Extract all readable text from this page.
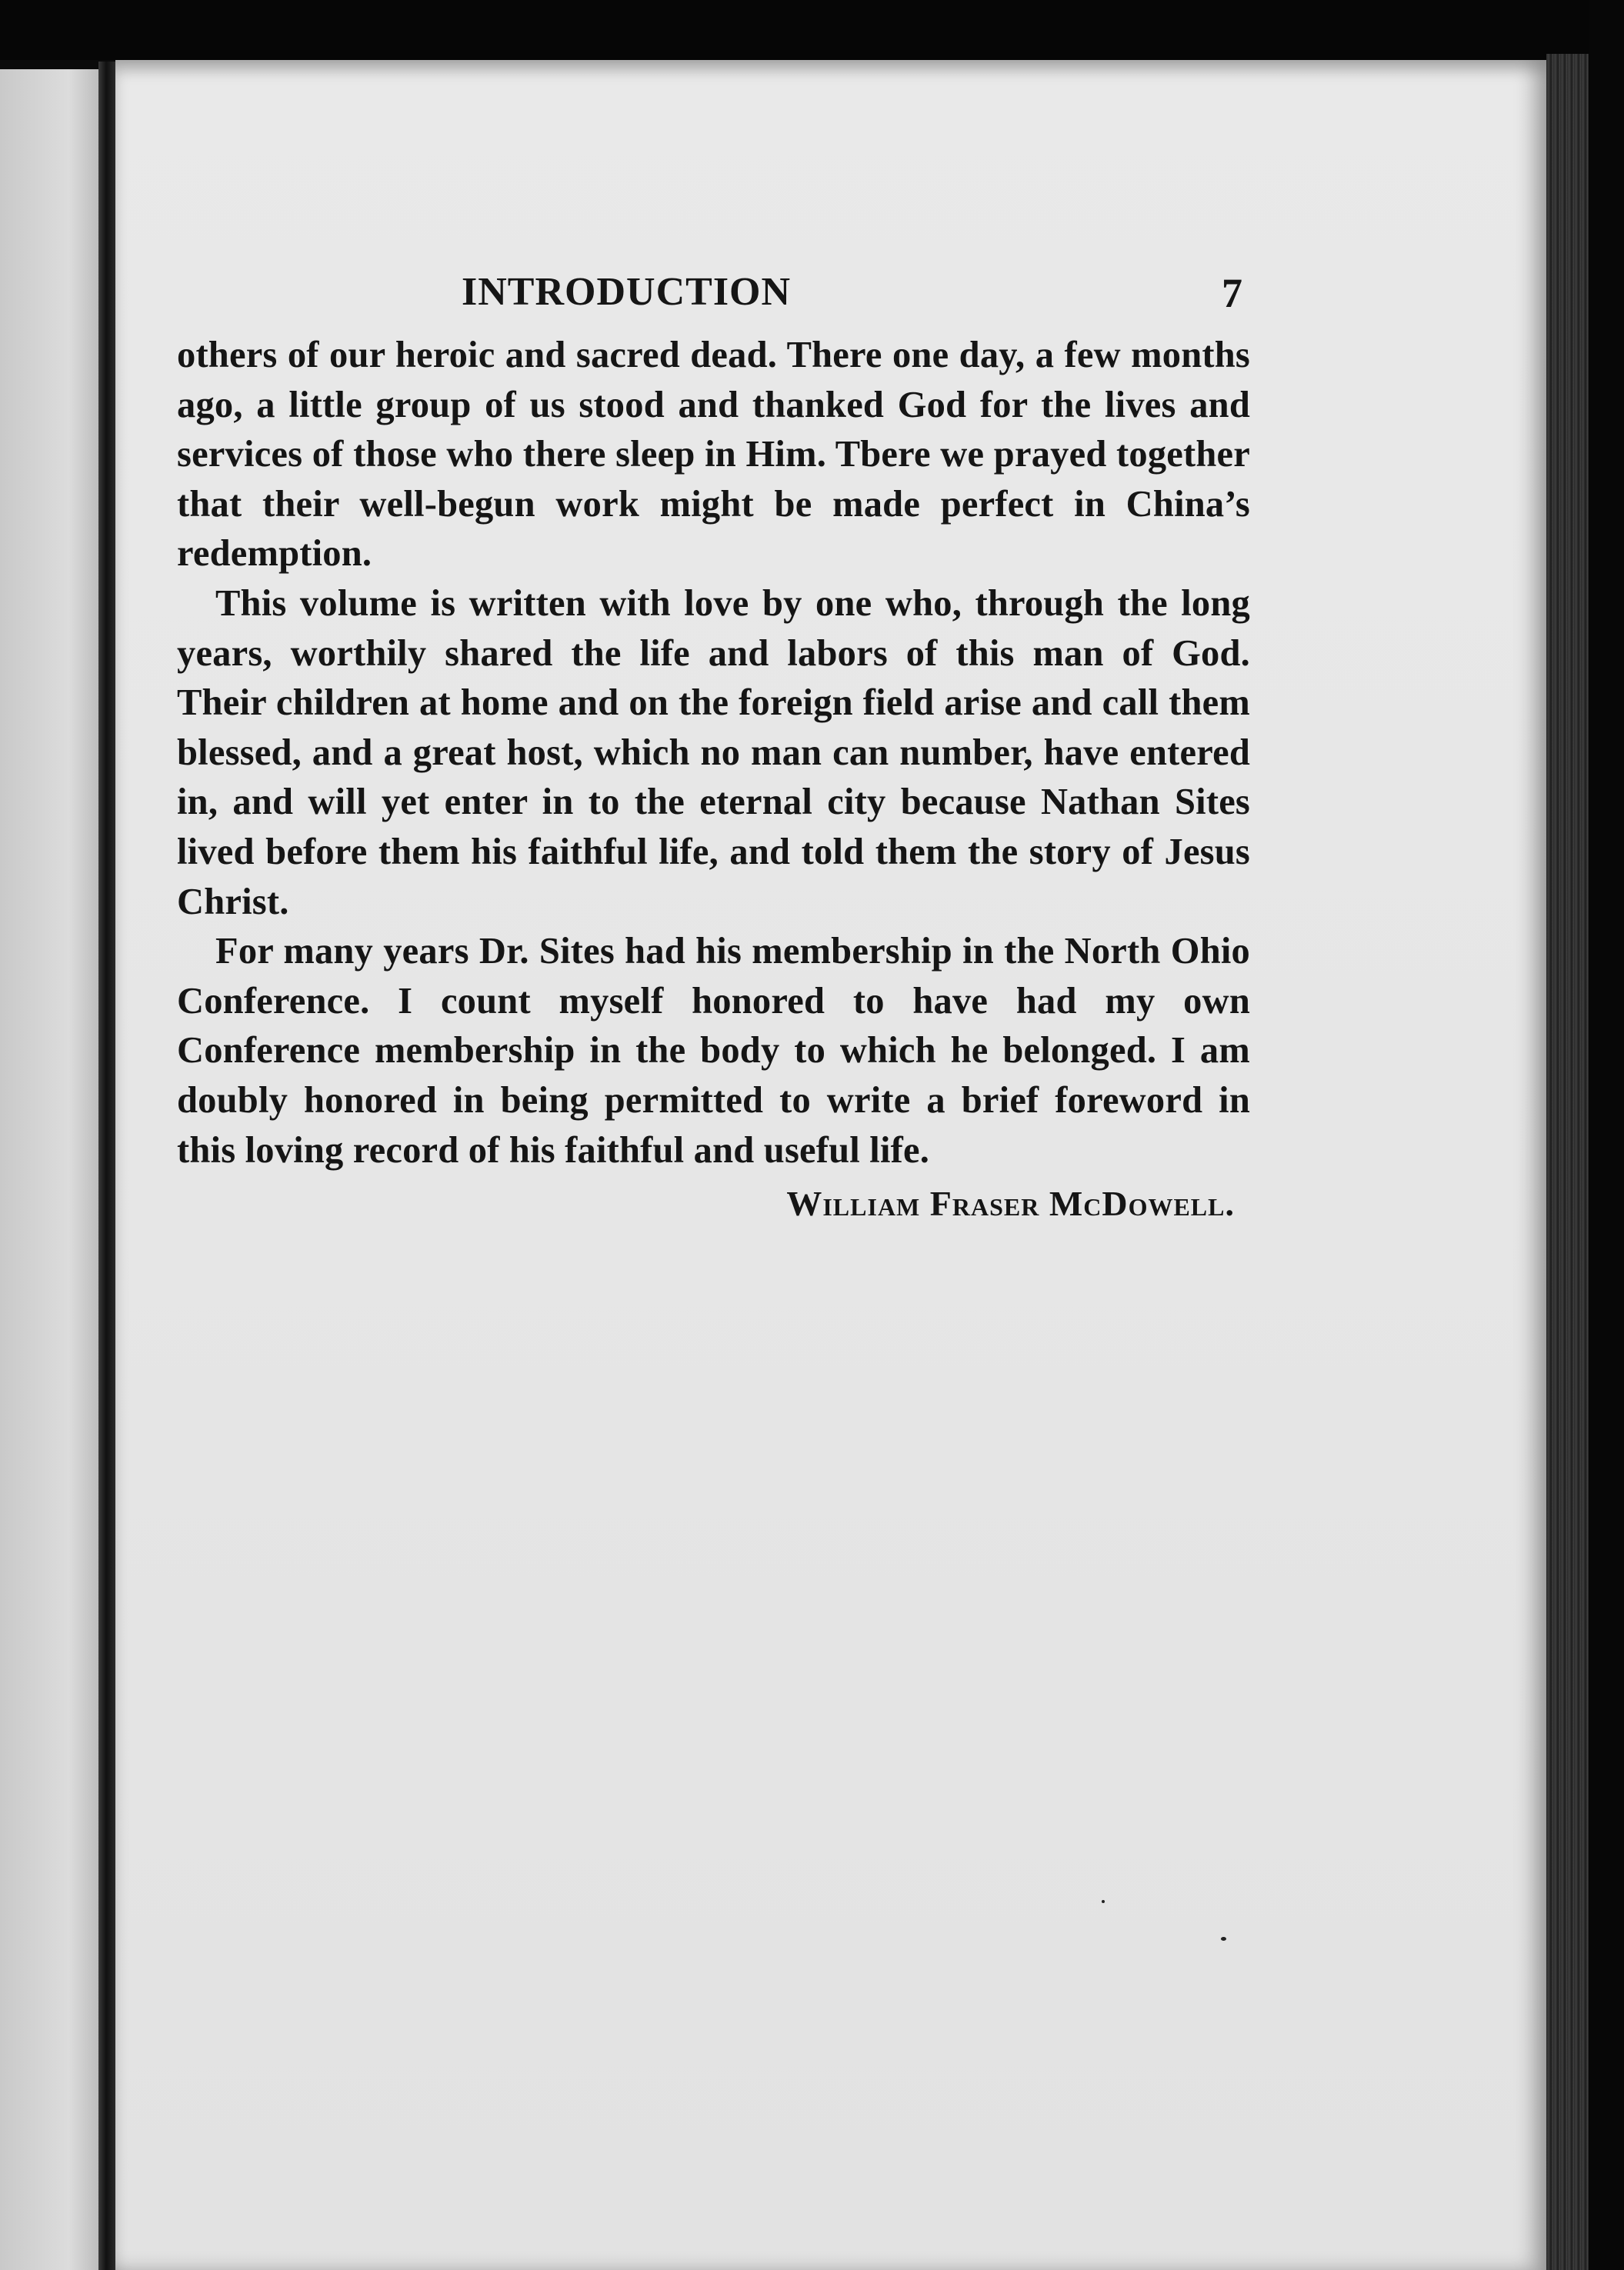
INTRODUCTION	7

others of our heroic and sacred dead. There one day, a few months ago, a little group of us stood and thanked God for the lives and services of those who there sleep in Him. Tbere we prayed together that their well-begun work might be made perfect in China’s redemption.

This volume is written with love by one who, through the long years, worthily shared the life and labors of this man of God. Their children at home and on the foreign field arise and call them blessed, and a great host, which no man can number, have entered in, and will yet enter in to the eternal city because Nathan Sites lived before them his faithful life, and told them the story of Jesus Christ.

For many years Dr. Sites had his membership in the North Ohio Conference. I count myself honored to have had my own Conference membership in the body to which he belonged. I am doubly honored in being permitted to write a brief foreword in this loving record of his faithful and useful life.

William Fraser McDowell.
